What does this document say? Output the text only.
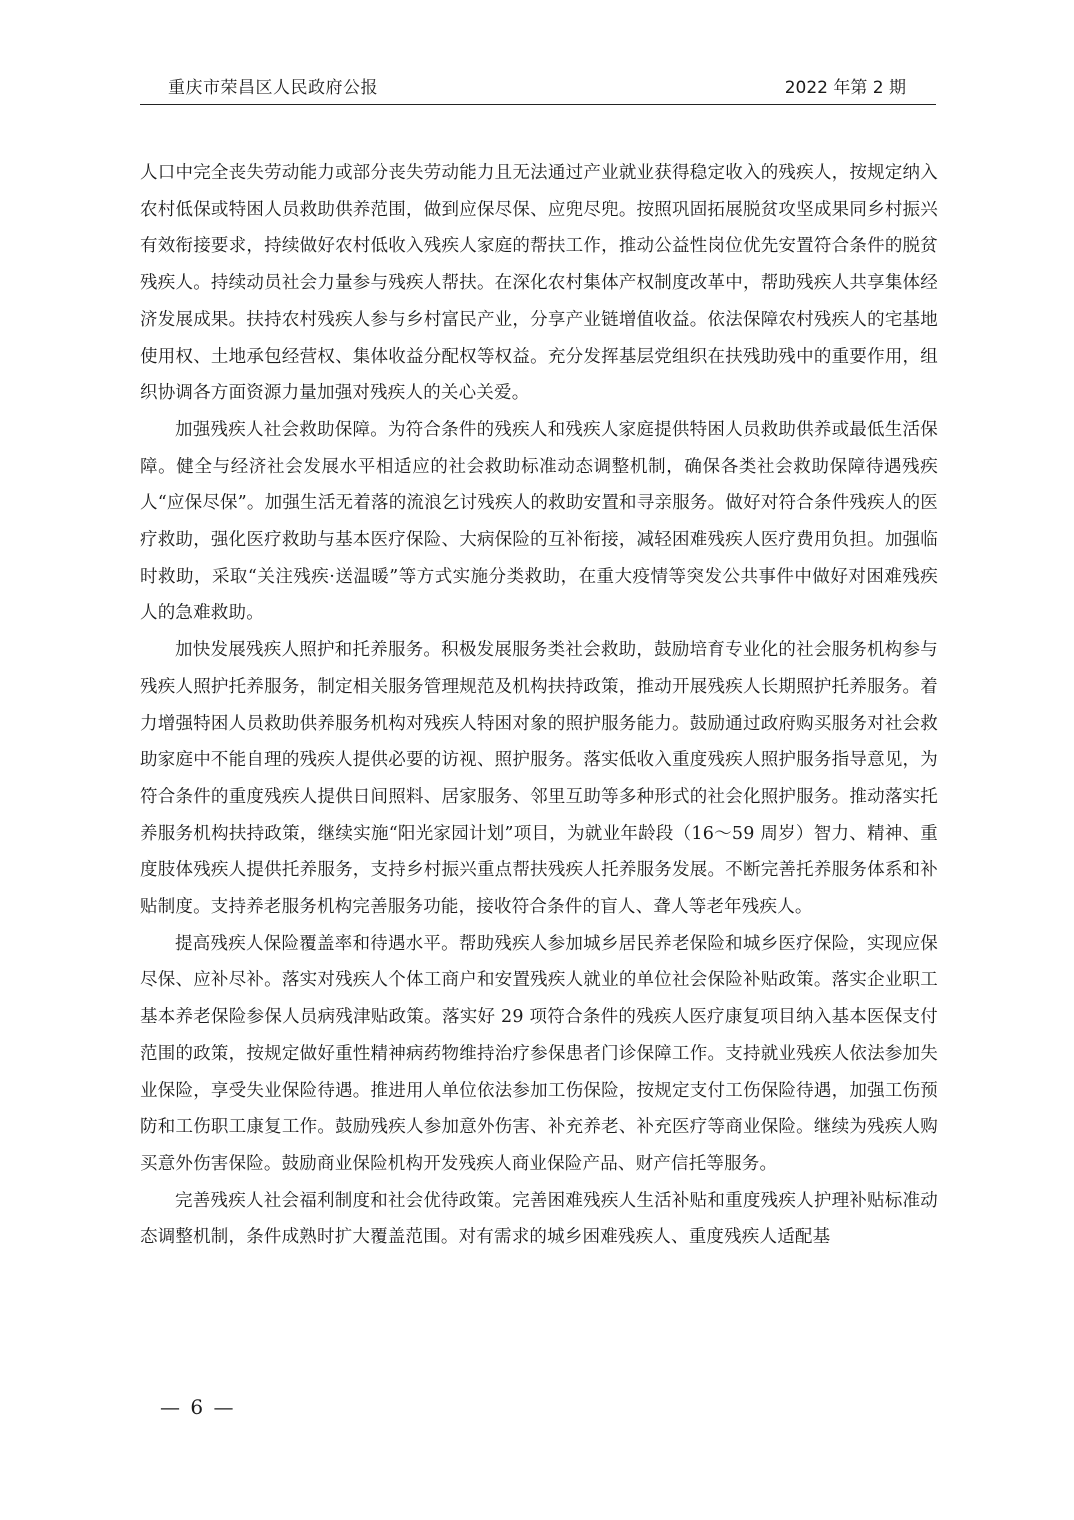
重庆市荣昌区人民政府公报	2022 年第 2 期

人口中完全丧失劳动能力或部分丧失劳动能力且无法通过产业就业获得稳定收入的残疾人，按规定纳入农村低保或特困人员救助供养范围，做到应保尽保、应兜尽兜。按照巩固拓展脱贫攻坚成果同乡村振兴有效衔接要求，持续做好农村低收入残疾人家庭的帮扶工作，推动公益性岗位优先安置符合条件的脱贫残疾人。持续动员社会力量参与残疾人帮扶。在深化农村集体产权制度改革中，帮助残疾人共享集体经济发展成果。扶持农村残疾人参与乡村富民产业，分享产业链增值收益。依法保障农村残疾人的宅基地使用权、土地承包经营权、集体收益分配权等权益。充分发挥基层党组织在扶残助残中的重要作用，组织协调各方面资源力量加强对残疾人的关心关爱。

加强残疾人社会救助保障。为符合条件的残疾人和残疾人家庭提供特困人员救助供养或最低生活保障。健全与经济社会发展水平相适应的社会救助标准动态调整机制，确保各类社会救助保障待遇残疾人“应保尽保”。加强生活无着落的流浪乞讨残疾人的救助安置和寻亲服务。做好对符合条件残疾人的医疗救助，强化医疗救助与基本医疗保险、大病保险的互补衔接，减轻困难残疾人医疗费用负担。加强临时救助，采取“关注残疾·送温暖”等方式实施分类救助，在重大疫情等突发公共事件中做好对困难残疾人的急难救助。

加快发展残疾人照护和托养服务。积极发展服务类社会救助，鼓励培育专业化的社会服务机构参与残疾人照护托养服务，制定相关服务管理规范及机构扶持政策，推动开展残疾人长期照护托养服务。着力增强特困人员救助供养服务机构对残疾人特困对象的照护服务能力。鼓励通过政府购买服务对社会救助家庭中不能自理的残疾人提供必要的访视、照护服务。落实低收入重度残疾人照护服务指导意见，为符合条件的重度残疾人提供日间照料、居家服务、邻里互助等多种形式的社会化照护服务。推动落实托养服务机构扶持政策，继续实施“阳光家园计划”项目，为就业年龄段（16～59 周岁）智力、精神、重度肢体残疾人提供托养服务，支持乡村振兴重点帮扶残疾人托养服务发展。不断完善托养服务体系和补贴制度。支持养老服务机构完善服务功能，接收符合条件的盲人、聋人等老年残疾人。

提高残疾人保险覆盖率和待遇水平。帮助残疾人参加城乡居民养老保险和城乡医疗保险，实现应保尽保、应补尽补。落实对残疾人个体工商户和安置残疾人就业的单位社会保险补贴政策。落实企业职工基本养老保险参保人员病残津贴政策。落实好 29 项符合条件的残疾人医疗康复项目纳入基本医保支付范围的政策，按规定做好重性精神病药物维持治疗参保患者门诊保障工作。支持就业残疾人依法参加失业保险，享受失业保险待遇。推进用人单位依法参加工伤保险，按规定支付工伤保险待遇，加强工伤预防和工伤职工康复工作。鼓励残疾人参加意外伤害、补充养老、补充医疗等商业保险。继续为残疾人购买意外伤害保险。鼓励商业保险机构开发残疾人商业保险产品、财产信托等服务。

完善残疾人社会福利制度和社会优待政策。完善困难残疾人生活补贴和重度残疾人护理补贴标准动态调整机制，条件成熟时扩大覆盖范围。对有需求的城乡困难残疾人、重度残疾人适配基

— 6 —
